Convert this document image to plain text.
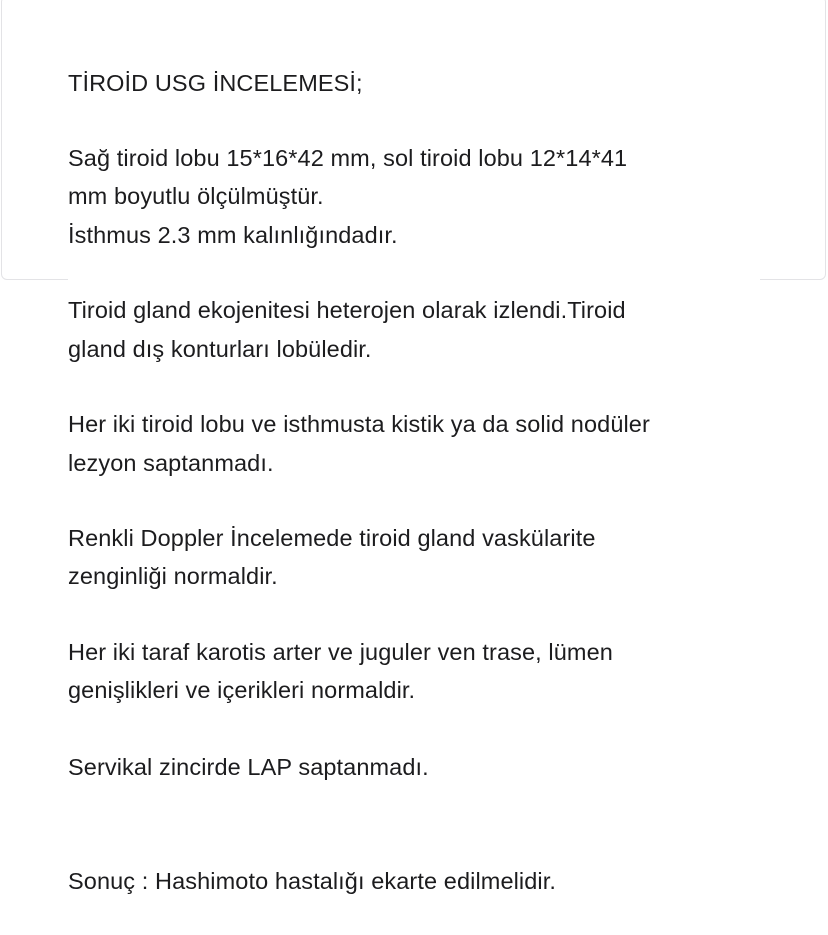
TİROİD USG İNCELEMESİ;
Sağ tiroid lobu 15*16*42 mm, sol tiroid lobu 12*14*41
mm boyutlu ölçülmüştür.
İsthmus 2.3 mm kalınlığındadır.
Tiroid gland ekojenitesi heterojen olarak izlendi.Tiroid
gland dış konturları lobüledir.
Her iki tiroid lobu ve isthmusta kistik ya da solid nodüler
lezyon saptanmadı.
Renkli Doppler İncelemede tiroid gland vaskülarite
zenginliği normaldir.
Her iki taraf karotis arter ve juguler ven trase, lümen
genişlikleri ve içerikleri normaldir.
Servikal zincirde LAP saptanmadı.
Sonuç : Hashimoto hastalığı ekarte edilmelidir.
